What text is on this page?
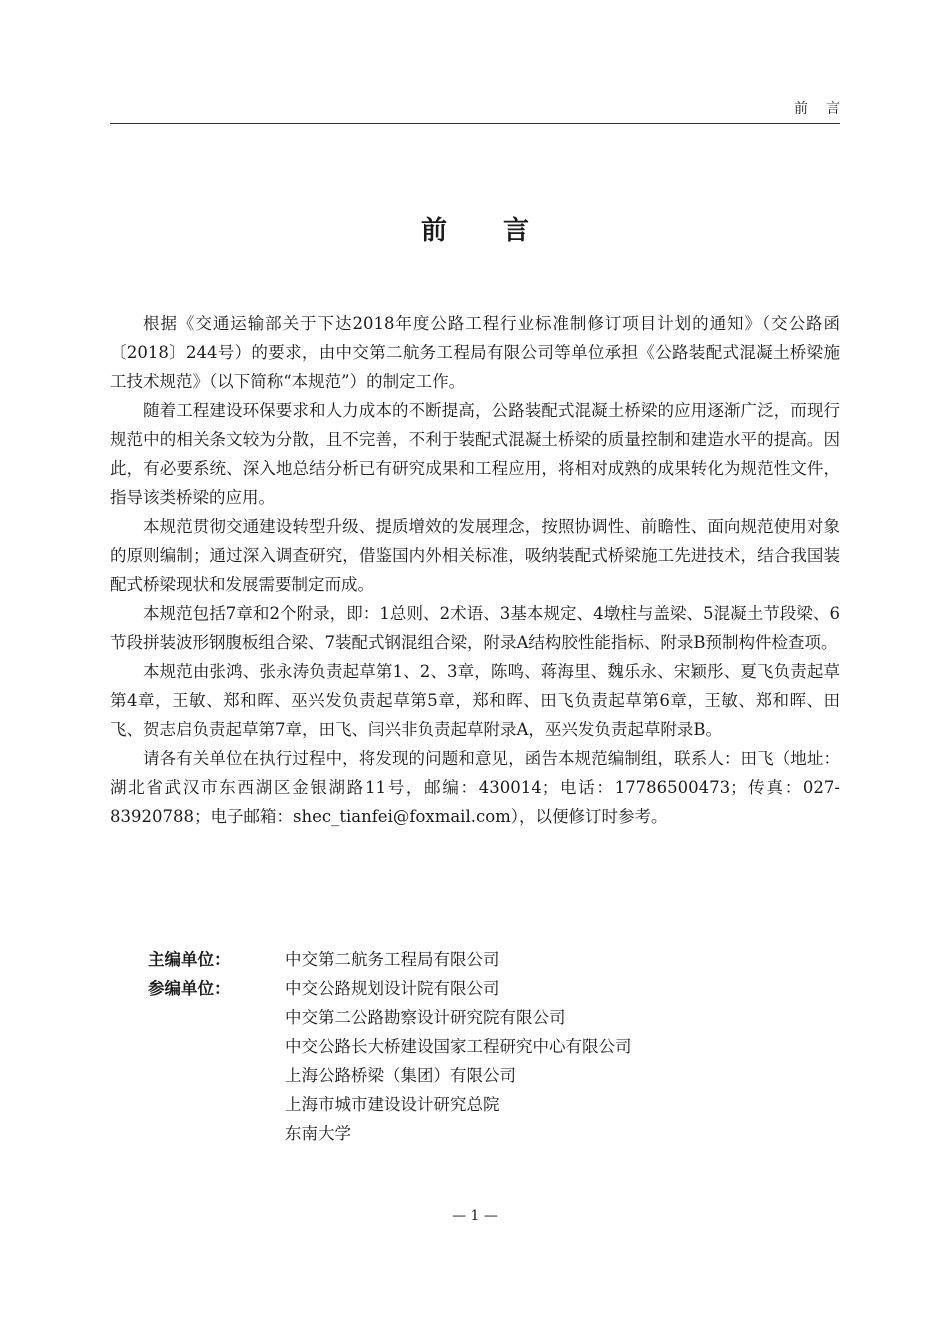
前言
前言

根据《交通运输部关于下达2018年度公路工程行业标准制修订项目计划的通知》（交公路函〔2018〕244号）的要求，由中交第二航务工程局有限公司等单位承担《公路装配式混凝土桥梁施工技术规范》（以下简称“本规范”）的制定工作。

随着工程建设环保要求和人力成本的不断提高，公路装配式混凝土桥梁的应用逐渐广泛，而现行规范中的相关条文较为分散，且不完善，不利于装配式混凝土桥梁的质量控制和建造水平的提高。因此，有必要系统、深入地总结分析已有研究成果和工程应用，将相对成熟的成果转化为规范性文件，指导该类桥梁的应用。

本规范贯彻交通建设转型升级、提质增效的发展理念，按照协调性、前瞻性、面向规范使用对象的原则编制；通过深入调查研究，借鉴国内外相关标准，吸纳装配式桥梁施工先进技术，结合我国装配式桥梁现状和发展需要制定而成。

本规范包括7章和2个附录，即：1总则、2术语、3基本规定、4墩柱与盖梁、5混凝土节段梁、6节段拼装波形钢腹板组合梁、7装配式钢混组合梁，附录A结构胶性能指标、附录B预制构件检查项。

本规范由张鸿、张永涛负责起草第1、2、3章，陈鸣、蒋海里、魏乐永、宋颖彤、夏飞负责起草第4章，王敏、郑和晖、巫兴发负责起草第5章，郑和晖、田飞负责起草第6章，王敏、郑和晖、田飞、贺志启负责起草第7章，田飞、闫兴非负责起草附录A，巫兴发负责起草附录B。

请各有关单位在执行过程中，将发现的问题和意见，函告本规范编制组，联系人：田飞（地址：湖北省武汉市东西湖区金银湖路11号，邮编：430014；电话：17786500473；传真：027-83920788；电子邮箱：shec_tianfei@foxmail.com），以便修订时参考。

主编单位：	中交第二航务工程局有限公司
参编单位：	中交公路规划设计院有限公司
中交第二公路勘察设计研究院有限公司
中交公路长大桥建设国家工程研究中心有限公司
上海公路桥梁（集团）有限公司
上海市城市建设设计研究总院
东南大学
— 1 —
